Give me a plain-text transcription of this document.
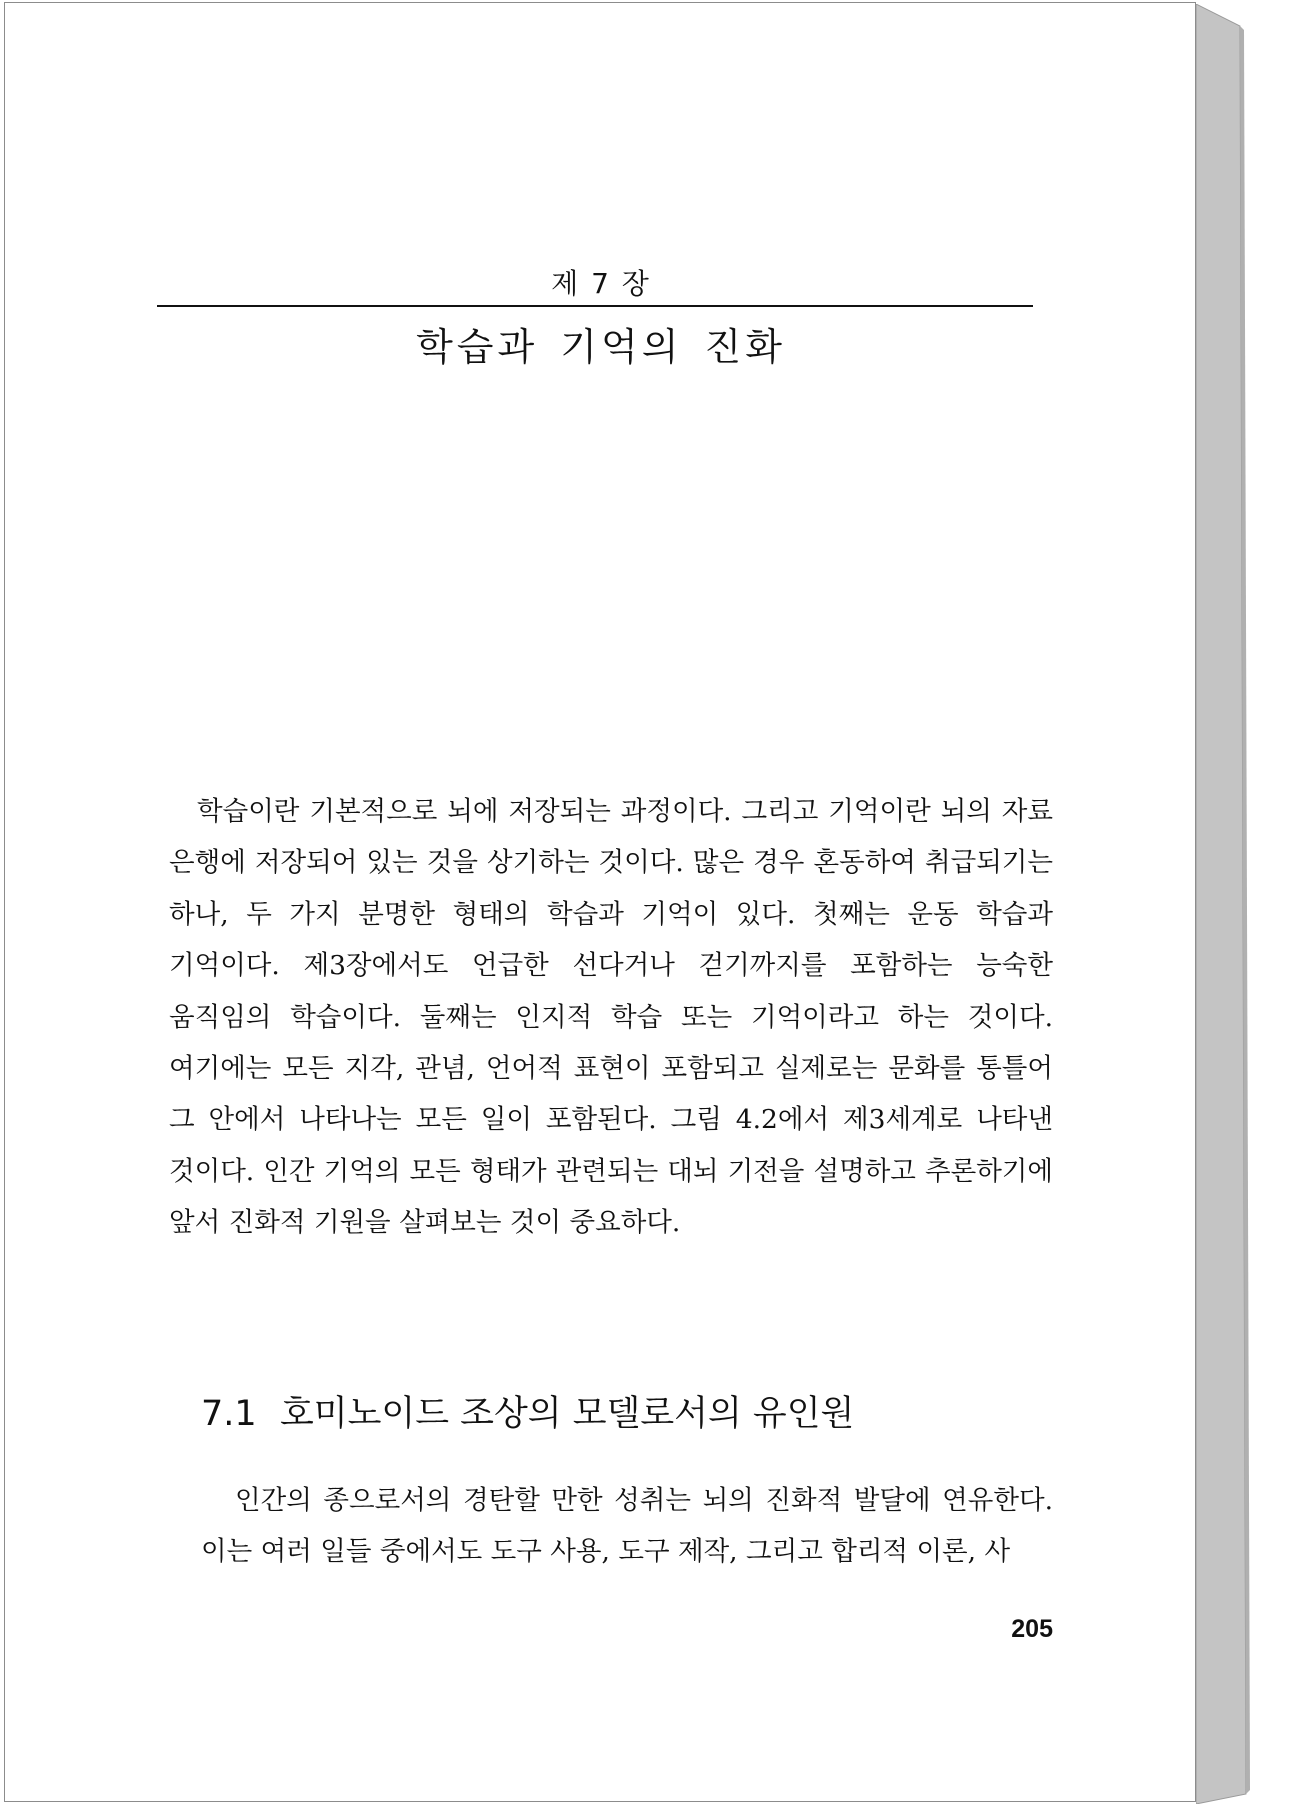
제 7 장
학습과 기억의 진화

학습이란 기본적으로 뇌에 저장되는 과정이다. 그리고 기억이란 뇌의 자료 은행에 저장되어 있는 것을 상기하는 것이다. 많은 경우 혼동하여 취급되기는 하나, 두 가지 분명한 형태의 학습과 기억이 있다. 첫째는 운동 학습과 기억이다. 제3장에서도 언급한 선다거나 걷기까지를 포함하는 능숙한 움직임의 학습이다. 둘째는 인지적 학습 또는 기억이라고 하는 것이다. 여기에는 모든 지각, 관념, 언어적 표현이 포함되고 실제로는 문화를 통틀어 그 안에서 나타나는 모든 일이 포함된다. 그림 4.2에서 제3세계로 나타낸 것이다. 인간 기억의 모든 형태가 관련되는 대뇌 기전을 설명하고 추론하기에 앞서 진화적 기원을 살펴보는 것이 중요하다.

7.1 호미노이드 조상의 모델로서의 유인원

인간의 종으로서의 경탄할 만한 성취는 뇌의 진화적 발달에 연유한다. 이는 여러 일들 중에서도 도구 사용, 도구 제작, 그리고 합리적 이론, 사

205
